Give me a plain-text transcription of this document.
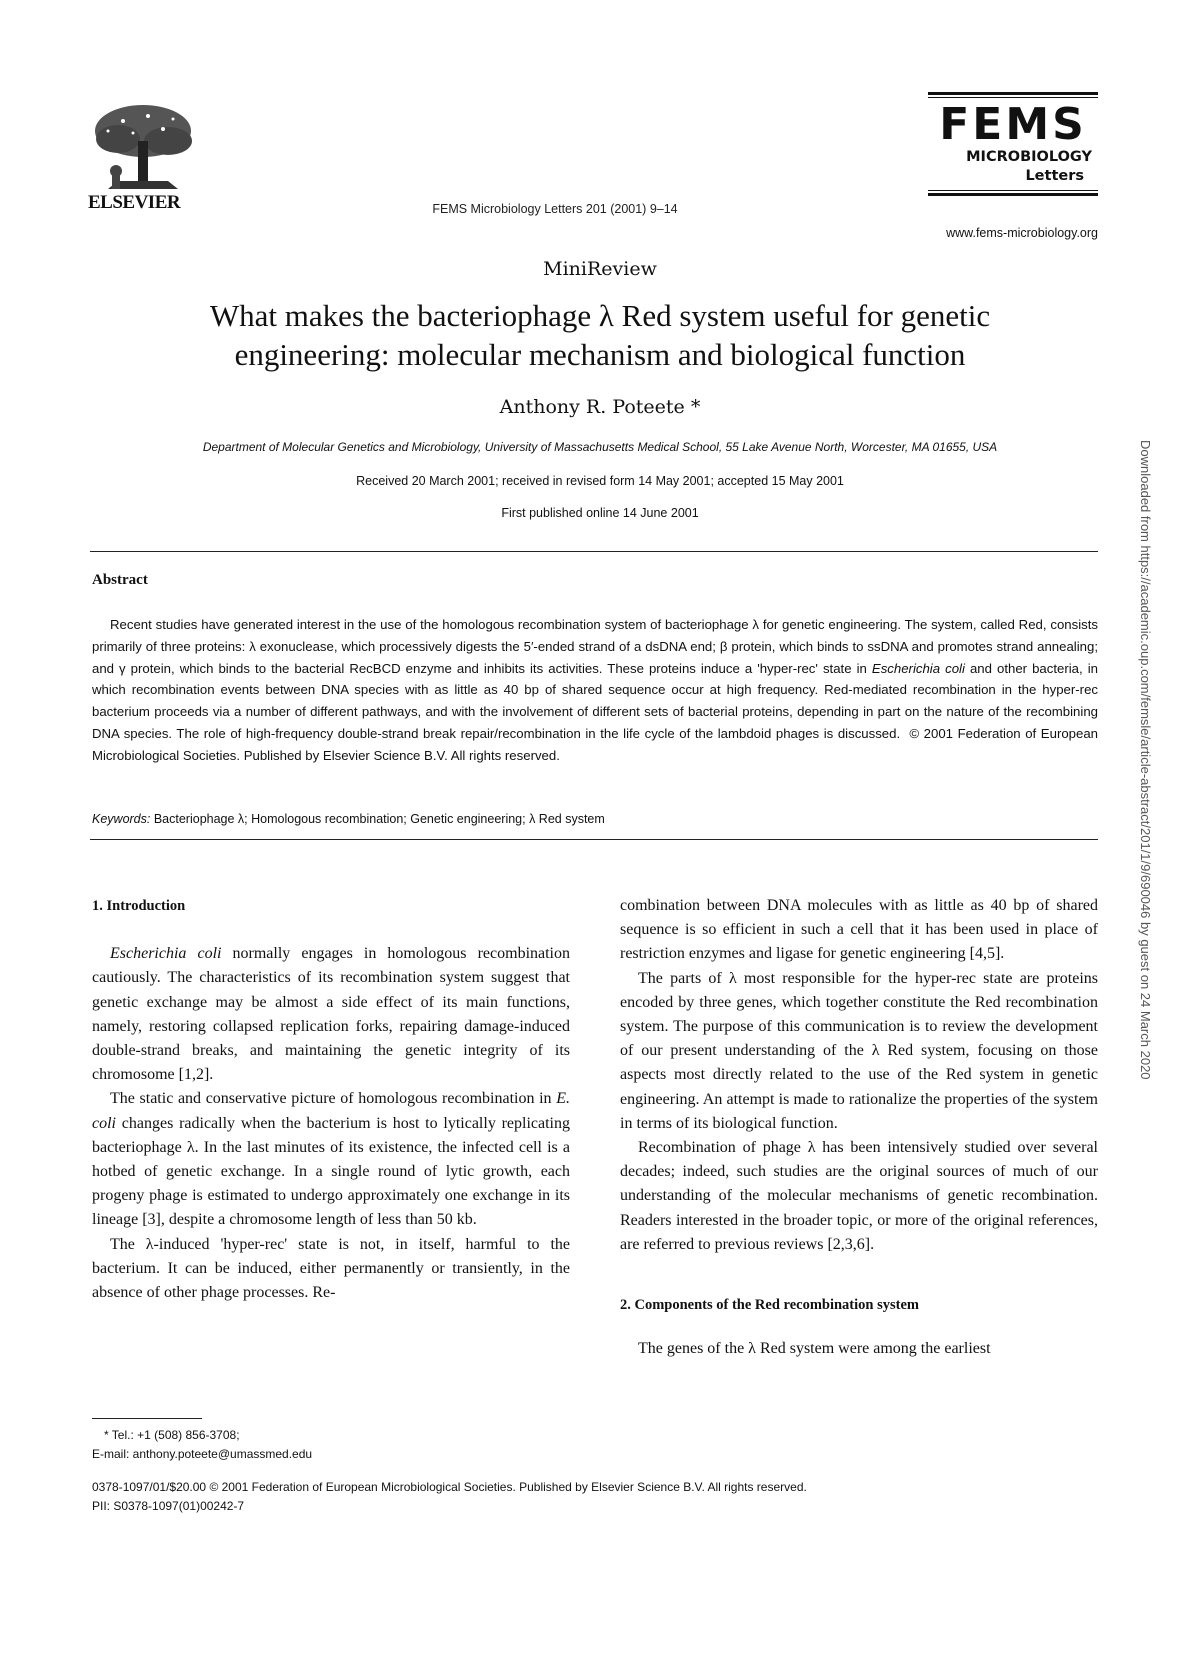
ELSEVIER	FEMS Microbiology Letters 201 (2001) 9–14
FEMS
MICROBIOLOGY
Letters
www.fems-microbiology.org
MiniReview
What makes the bacteriophage λ Red system useful for genetic
engineering: molecular mechanism and biological function
Anthony R. Poteete *
Department of Molecular Genetics and Microbiology, University of Massachusetts Medical School, 55 Lake Avenue North, Worcester, MA 01655, USA
Received 20 March 2001; received in revised form 14 May 2001; accepted 15 May 2001
First published online 14 June 2001
Abstract
Recent studies have generated interest in the use of the homologous recombination system of bacteriophage λ for genetic engineering. The system, called Red, consists primarily of three proteins: λ exonuclease, which processively digests the 5′-ended strand of a dsDNA end; β protein, which binds to ssDNA and promotes strand annealing; and γ protein, which binds to the bacterial RecBCD enzyme and inhibits its activities. These proteins induce a 'hyper-rec' state in Escherichia coli and other bacteria, in which recombination events between DNA species with as little as 40 bp of shared sequence occur at high frequency. Red-mediated recombination in the hyper-rec bacterium proceeds via a number of different pathways, and with the involvement of different sets of bacterial proteins, depending in part on the nature of the recombining DNA species. The role of high-frequency double-strand break repair/recombination in the life cycle of the lambdoid phages is discussed. © 2001 Federation of European Microbiological Societies. Published by Elsevier Science B.V. All rights reserved.
Keywords: Bacteriophage λ; Homologous recombination; Genetic engineering; λ Red system

1. Introduction

Escherichia coli normally engages in homologous recombination cautiously. The characteristics of its recombination system suggest that genetic exchange may be almost a side effect of its main functions, namely, restoring collapsed replication forks, repairing damage-induced double-strand breaks, and maintaining the genetic integrity of its chromosome [1,2].

The static and conservative picture of homologous recombination in E. coli changes radically when the bacterium is host to lytically replicating bacteriophage λ. In the last minutes of its existence, the infected cell is a hotbed of genetic exchange. In a single round of lytic growth, each progeny phage is estimated to undergo approximately one exchange in its lineage [3], despite a chromosome length of less than 50 kb.

The λ-induced 'hyper-rec' state is not, in itself, harmful to the bacterium. It can be induced, either permanently or transiently, in the absence of other phage processes. Re-

combination between DNA molecules with as little as 40 bp of shared sequence is so efficient in such a cell that it has been used in place of restriction enzymes and ligase for genetic engineering [4,5].

The parts of λ most responsible for the hyper-rec state are proteins encoded by three genes, which together constitute the Red recombination system. The purpose of this communication is to review the development of our present understanding of the λ Red system, focusing on those aspects most directly related to the use of the Red system in genetic engineering. An attempt is made to rationalize the properties of the system in terms of its biological function.

Recombination of phage λ has been intensively studied over several decades; indeed, such studies are the original sources of much of our understanding of the molecular mechanisms of genetic recombination. Readers interested in the broader topic, or more of the original references, are referred to previous reviews [2,3,6].

2. Components of the Red recombination system

The genes of the λ Red system were among the earliest

* Tel.: +1 (508) 856-3708;
E-mail: anthony.poteete@umassmed.edu
0378-1097/01/$20.00 © 2001 Federation of European Microbiological Societies. Published by Elsevier Science B.V. All rights reserved.
PII: S0378-1097(01)00242-7
Downloaded from https://academic.oup.com/femsle/article-abstract/201/1/9/690046 by guest on 24 March 2020
